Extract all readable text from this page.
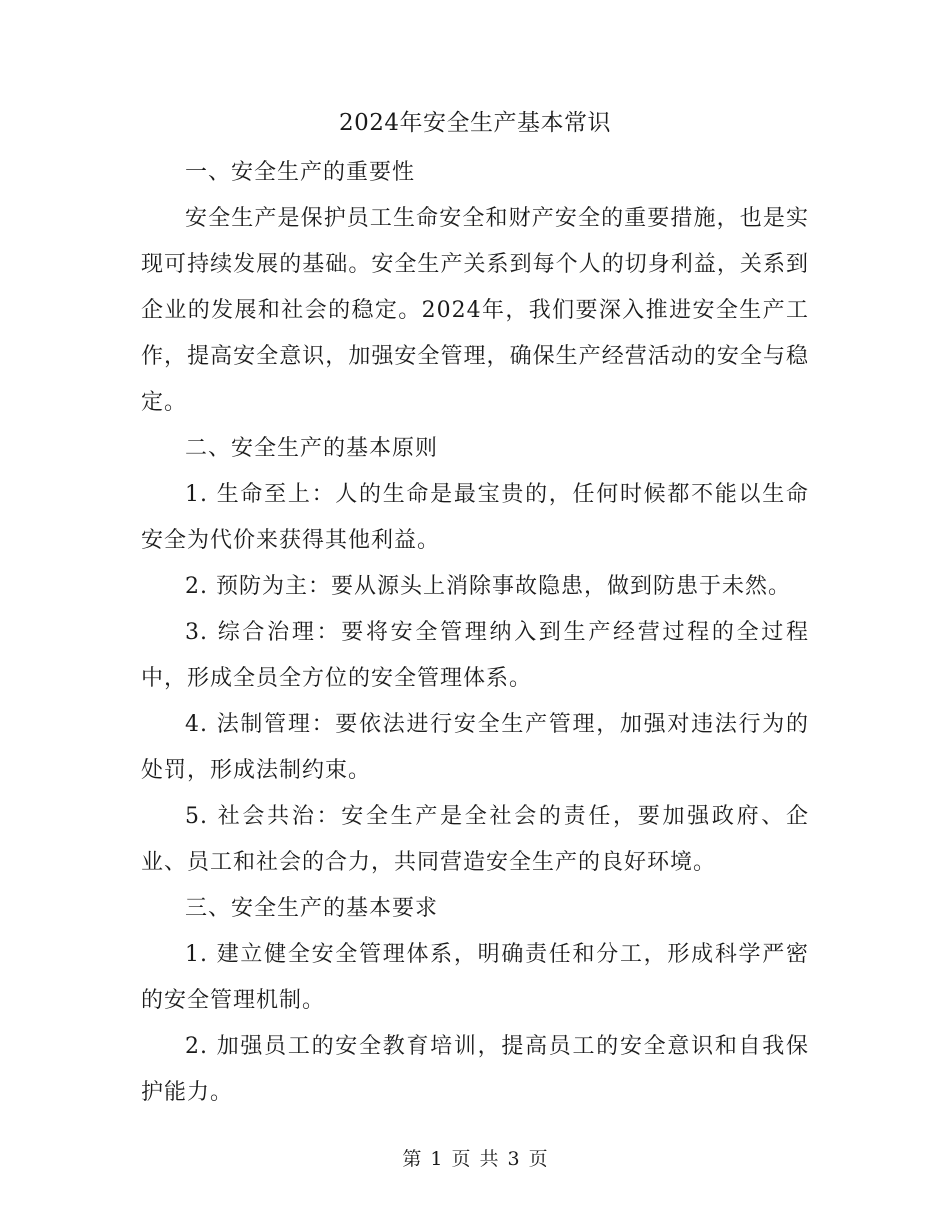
2024年安全生产基本常识

一、安全生产的重要性

安全生产是保护员工生命安全和财产安全的重要措施，也是实现可持续发展的基础。安全生产关系到每个人的切身利益，关系到企业的发展和社会的稳定。2024年，我们要深入推进安全生产工作，提高安全意识，加强安全管理，确保生产经营活动的安全与稳定。

二、安全生产的基本原则

1. 生命至上：人的生命是最宝贵的，任何时候都不能以生命安全为代价来获得其他利益。

2. 预防为主：要从源头上消除事故隐患，做到防患于未然。

3. 综合治理：要将安全管理纳入到生产经营过程的全过程中，形成全员全方位的安全管理体系。

4. 法制管理：要依法进行安全生产管理，加强对违法行为的处罚，形成法制约束。

5. 社会共治：安全生产是全社会的责任，要加强政府、企业、员工和社会的合力，共同营造安全生产的良好环境。

三、安全生产的基本要求

1. 建立健全安全管理体系，明确责任和分工，形成科学严密的安全管理机制。

2. 加强员工的安全教育培训，提高员工的安全意识和自我保护能力。

第 1 页 共 3 页
